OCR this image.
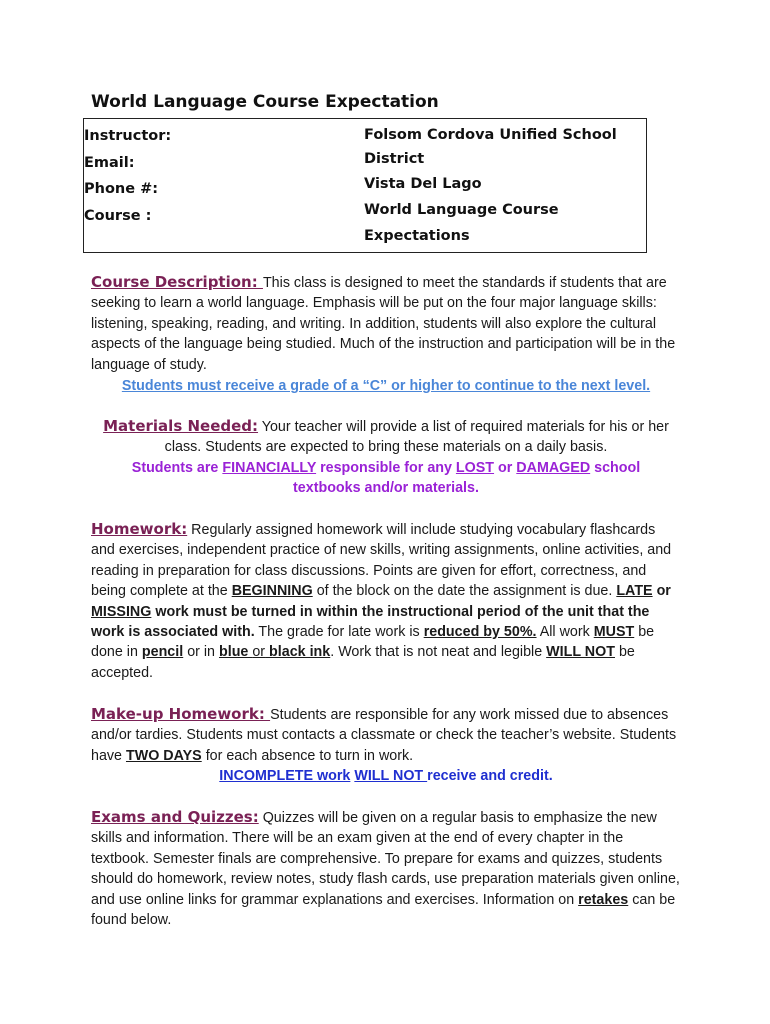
World Language Course Expectation
Instructor:
Email:
Phone #:
Course :
Folsom Cordova Unified School
District
Vista Del Lago
World Language Course
Expectations
Course Description: This class is designed to meet the standards if students that are seeking to learn a world language. Emphasis will be put on the four major language skills: listening, speaking, reading, and writing. In addition, students will also explore the cultural aspects of the language being studied. Much of the instruction and participation will be in the language of study.
Students must receive a grade of a “C” or higher to continue to the next level.
Materials Needed: Your teacher will provide a list of required materials for his or her class. Students are expected to bring these materials on a daily basis.
Students are FINANCIALLY responsible for any LOST or DAMAGED school textbooks and/or materials.
Homework: Regularly assigned homework will include studying vocabulary flashcards and exercises, independent practice of new skills, writing assignments, online activities, and reading in preparation for class discussions. Points are given for effort, correctness, and being complete at the BEGINNING of the block on the date the assignment is due. LATE or MISSING work must be turned in within the instructional period of the unit that the work is associated with. The grade for late work is reduced by 50%. All work MUST be done in pencil or in blue or black ink. Work that is not neat and legible WILL NOT be accepted.
Make-up Homework: Students are responsible for any work missed due to absences and/or tardies. Students must contacts a classmate or check the teacher’s website. Students have TWO DAYS for each absence to turn in work.
INCOMPLETE work WILL NOT receive and credit.
Exams and Quizzes: Quizzes will be given on a regular basis to emphasize the new skills and information. There will be an exam given at the end of every chapter in the textbook. Semester finals are comprehensive. To prepare for exams and quizzes, students should do homework, review notes, study flash cards, use preparation materials given online, and use online links for grammar explanations and exercises. Information on retakes can be found below.
